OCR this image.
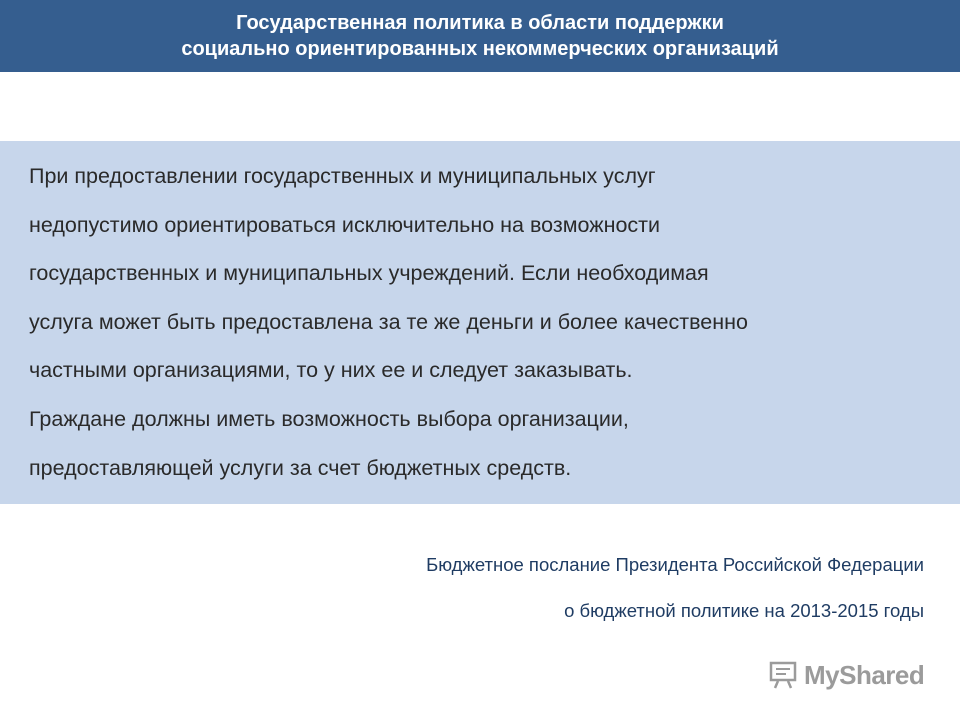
Государственная политика в области поддержки
социально ориентированных некоммерческих организаций
При предоставлении государственных и муниципальных услуг
недопустимо ориентироваться исключительно на возможности
государственных и муниципальных учреждений. Если необходимая
услуга может быть предоставлена за те же деньги и более качественно
частными организациями, то у них ее и следует заказывать.
Граждане должны иметь возможность выбора организации,
предоставляющей услуги за счет бюджетных средств.
Бюджетное послание Президента Российской Федерации
о бюджетной политике на 2013-2015 годы
MyShared
